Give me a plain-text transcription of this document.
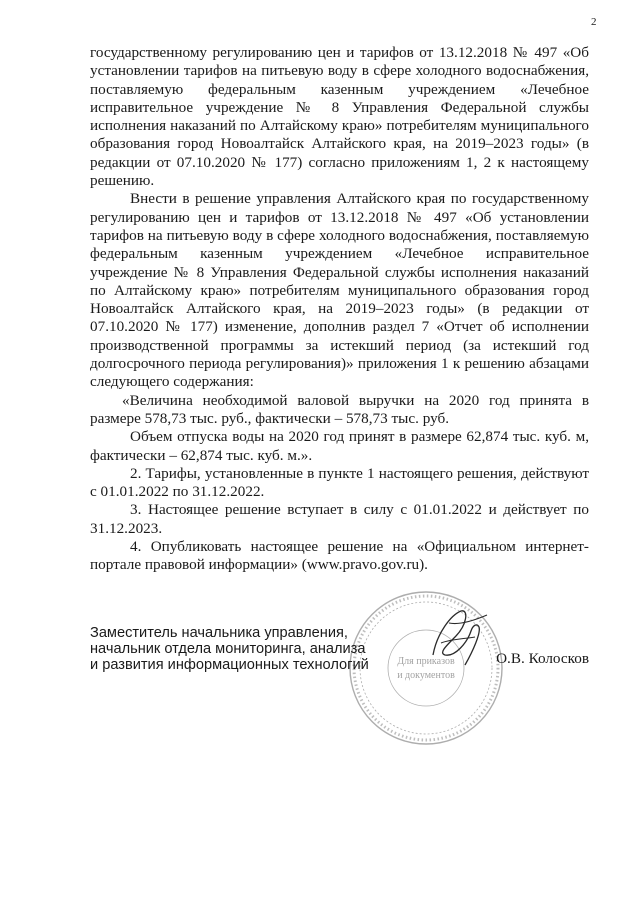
2

государственному регулированию цен и тарифов от 13.12.2018 № 497 «Об установлении тарифов на питьевую воду в сфере холодного водоснабжения, поставляемую федеральным казенным учреждением «Лечебное исправительное учреждение № 8 Управления Федеральной службы исполнения наказаний по Алтайскому краю» потребителям муниципального образования город Новоалтайск Алтайского края, на 2019–2023 годы» (в редакции от 07.10.2020 № 177) согласно приложениям 1, 2 к настоящему решению.

Внести в решение управления Алтайского края по государственному регулированию цен и тарифов от 13.12.2018 № 497 «Об установлении тарифов на питьевую воду в сфере холодного водоснабжения, поставляемую федеральным казенным учреждением «Лечебное исправительное учреждение № 8 Управления Федеральной службы исполнения наказаний по Алтайскому краю» потребителям муниципального образования город Новоалтайск Алтайского края, на 2019–2023 годы» (в редакции от 07.10.2020 № 177) изменение, дополнив раздел 7 «Отчет об исполнении производственной программы за истекший период (за истекший год долгосрочного периода регулирования)» приложения 1 к решению абзацами следующего содержания:

«Величина необходимой валовой выручки на 2020 год принята в размере 578,73 тыс. руб., фактически – 578,73 тыс. руб.

Объем отпуска воды на 2020 год принят в размере 62,874 тыс. куб. м, фактически – 62,874 тыс. куб. м.».

2. Тарифы, установленные в пункте 1 настоящего решения, действуют с 01.01.2022 по 31.12.2022.

3. Настоящее решение вступает в силу с 01.01.2022 и действует по 31.12.2023.

4. Опубликовать настоящее решение на «Официальном интернет-портале правовой информации» (www.pravo.gov.ru).

Для приказов
и документов
Заместитель начальника управления,
начальник отдела мониторинга, анализа
и развития информационных технологий	О.В. Колосков
